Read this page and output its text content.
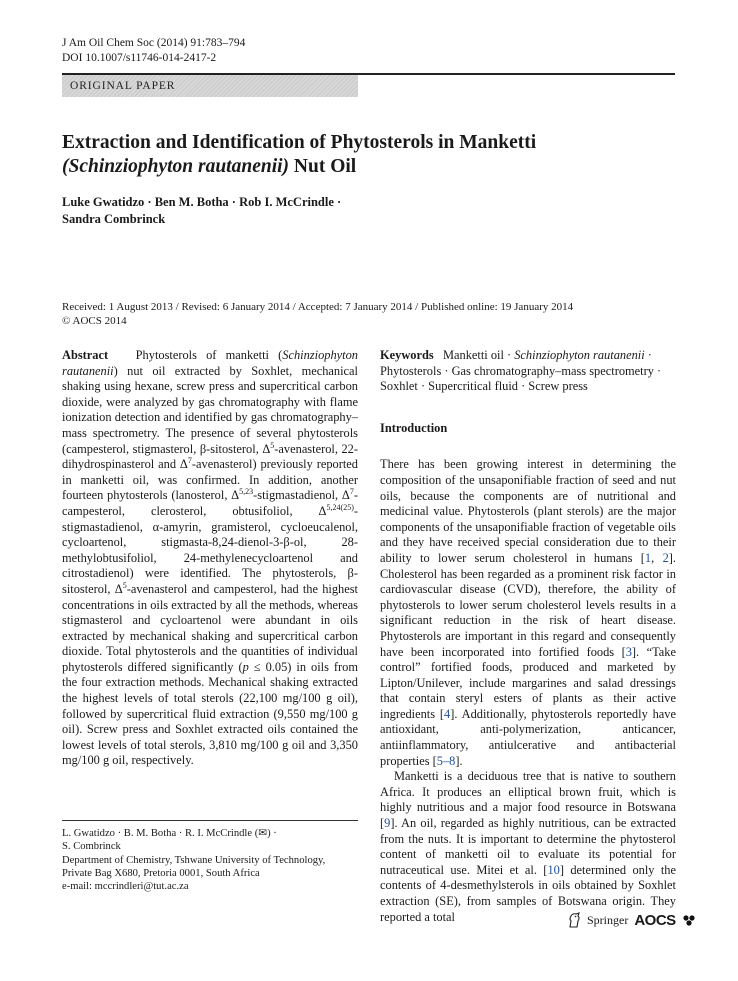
J Am Oil Chem Soc (2014) 91:783–794
DOI 10.1007/s11746-014-2417-2
ORIGINAL PAPER
Extraction and Identification of Phytosterols in Manketti
(Schinziophyton rautanenii) Nut Oil
Luke Gwatidzo · Ben M. Botha · Rob I. McCrindle ·
Sandra Combrinck
Received: 1 August 2013 / Revised: 6 January 2014 / Accepted: 7 January 2014 / Published online: 19 January 2014
© AOCS 2014

Abstract Phytosterols of manketti (Schinziophyton rautanenii) nut oil extracted by Soxhlet, mechanical shaking using hexane, screw press and supercritical carbon dioxide, were analyzed by gas chromatography with flame ionization detection and identified by gas chromatography–mass spectrometry. The presence of several phytosterols (campesterol, stigmasterol, β-sitosterol, $\Delta^5$-avenasterol, 22-dihydrospinasterol and $\Delta^7-avenasterol$) previously reported in manketti oil, was confirmed. In addition, another fourteen phytosterols (lanosterol, Δ$^{5,23}$-stigmastadienol, $\Delta^7$-campesterol, clerosterol, obtusifoliol, $\Delta^{5,24(25)}$-stigmastadienol, α-amyrin, gramisterol, cycloeucalenol, cycloartenol, stigmasta-8,24-dienol-3-β-ol, 28-methylobtusifoliol, 24-methylenecycloartenol and citrostadienol) were identified. The phytosterols, β-sitosterol, $\Delta^5$-avenasterol and campesterol, had the highest concentrations in oils extracted by all the methods, whereas stigmasterol and cycloartenol were abundant in oils extracted by mechanical shaking and supercritical carbon dioxide. Total phytosterols and the quantities of individual phytosterols differed significantly (p ≤ 0.05) in oils from the four extraction methods. Mechanical shaking extracted the highest levels of total sterols (22,100 mg/100 g oil), followed by supercritical fluid extraction (9,550 mg/100 g oil). Screw press and Soxhlet extracted oils contained the lowest levels of total sterols, 3,810 mg/100 g oil and 3,350 mg/100 g oil, respectively.

Keywords Manketti oil · Schinziophyton rautanenii · Phytosterols · Gas chromatography–mass spectrometry · Soxhlet · Supercritical fluid · Screw press

Introduction

There has been growing interest in determining the composition of the unsaponifiable fraction of seed and nut oils, because the components are of nutritional and medicinal value. Phytosterols (plant sterols) are the major components of the unsaponifiable fraction of vegetable oils and they have received special consideration due to their ability to lower serum cholesterol in humans [1, 2]. Cholesterol has been regarded as a prominent risk factor in cardiovascular disease (CVD), therefore, the ability of phytosterols to lower serum cholesterol levels results in a significant reduction in the risk of heart disease. Phytosterols are important in this regard and consequently have been incorporated into fortified foods [3]. “Take control” fortified foods, produced and marketed by Lipton/Unilever, include margarines and salad dressings that contain steryl esters of plants as their active ingredients [4]. Additionally, phytosterols reportedly have antioxidant, anti-polymerization, anticancer, antiinflammatory, antiulcerative and antibacterial properties [5–8].

Manketti is a deciduous tree that is native to southern Africa. It produces an elliptical brown fruit, which is highly nutritious and a major food resource in Botswana [9]. An oil, regarded as highly nutritious, can be extracted from the nuts. It is important to determine the phytosterol content of manketti oil to evaluate its potential for nutraceutical use. Mitei et al. [10] determined only the contents of 4-desmethylsterols in oils obtained by Soxhlet extraction (SE), from samples of Botswana origin. They reported a total

L. Gwatidzo · B. M. Botha · R. I. McCrindle (✉) ·

S. Combrinck

Department of Chemistry, Tshwane University of Technology,

Private Bag X680, Pretoria 0001, South Africa

e-mail: mccrindleri@tut.ac.za

Springer AOCS
